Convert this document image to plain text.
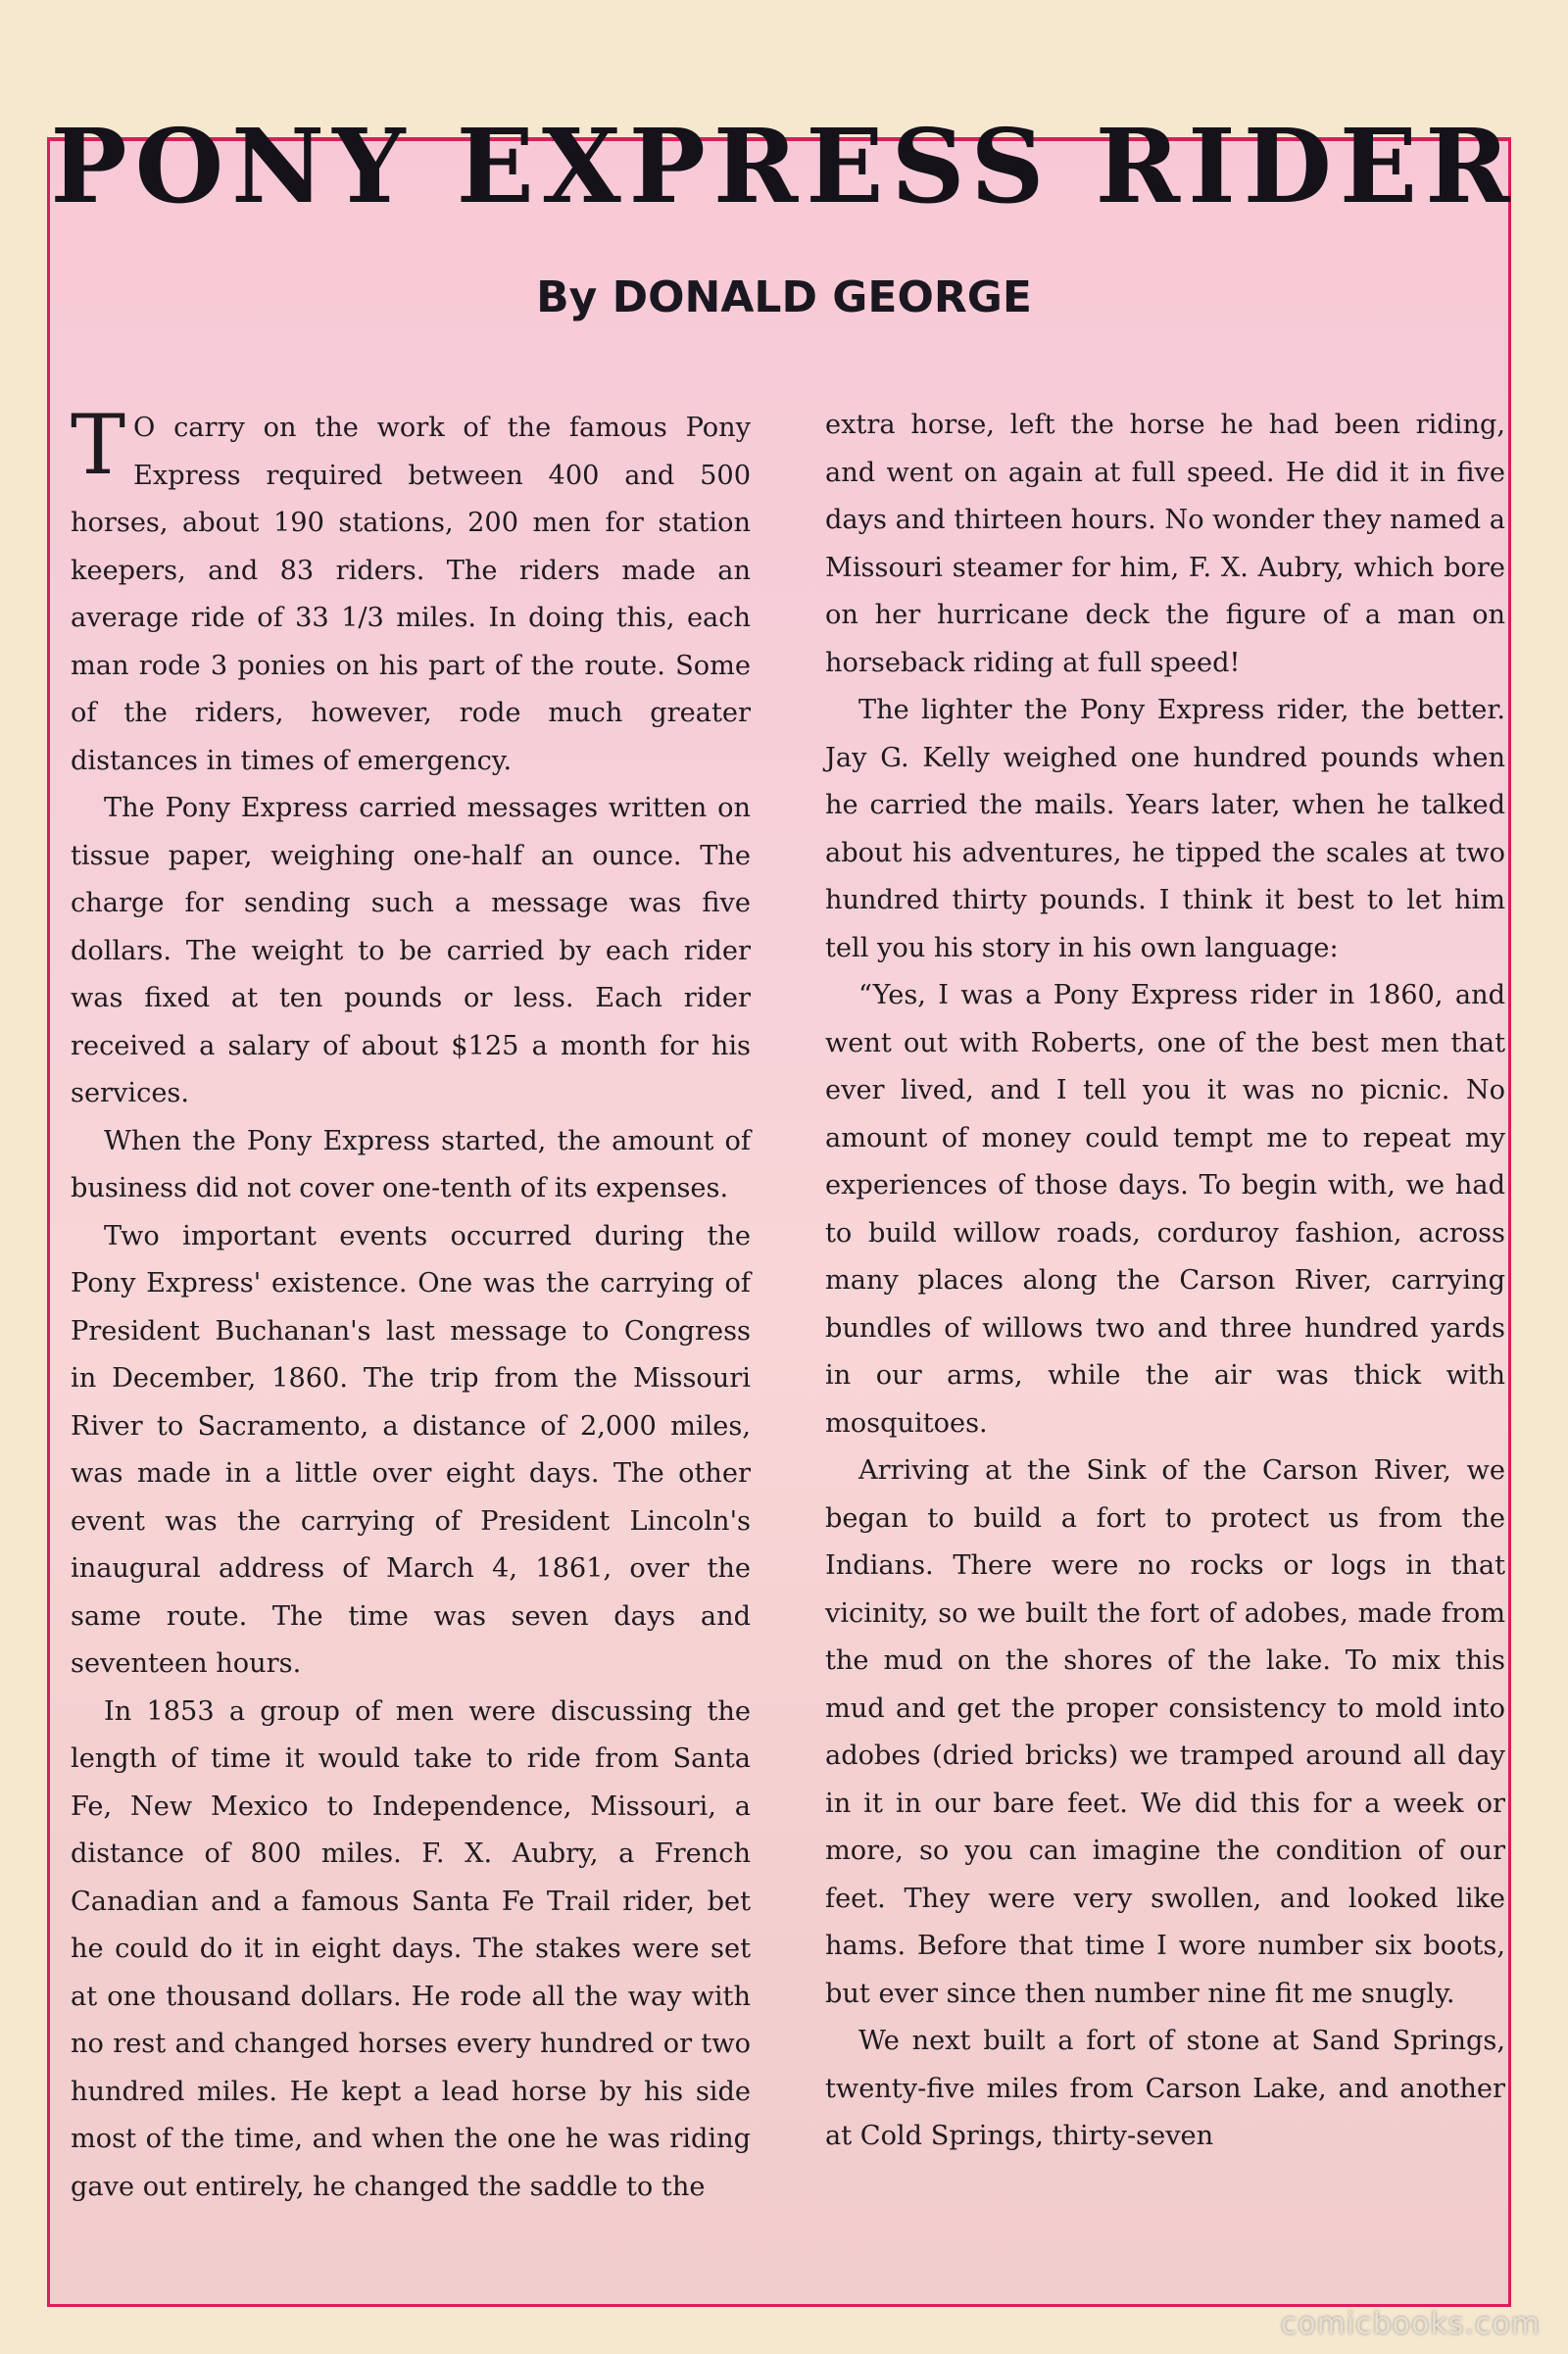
PONY EXPRESS RIDER
By DONALD GEORGE

T O carry on the work of the famous Pony Express required between 400 and 500 horses, about 190 stations, 200 men for station keepers, and 83 riders. The riders made an average ride of 33 1/3 miles. In doing this, each man rode 3 ponies on his part of the route. Some of the riders, however, rode much greater distances in times of emergency.

The Pony Express carried messages written on tissue paper, weighing one-half an ounce. The charge for sending such a message was five dollars. The weight to be carried by each rider was fixed at ten pounds or less. Each rider received a salary of about $125 a month for his services.

When the Pony Express started, the amount of business did not cover one-tenth of its expenses.

Two important events occurred during the Pony Express' existence. One was the carrying of President Buchanan's last message to Congress in December, 1860. The trip from the Missouri River to Sacramento, a distance of 2,000 miles, was made in a little over eight days. The other event was the carrying of President Lincoln's inaugural address of March 4, 1861, over the same route. The time was seven days and seventeen hours.

In 1853 a group of men were discussing the length of time it would take to ride from Santa Fe, New Mexico to Independence, Missouri, a distance of 800 miles. F. X. Aubry, a French Canadian and a famous Santa Fe Trail rider, bet he could do it in eight days. The stakes were set at one thousand dollars. He rode all the way with no rest and changed horses every hundred or two hundred miles. He kept a lead horse by his side most of the time, and when the one he was riding gave out entirely, he changed the saddle to the

extra horse, left the horse he had been riding, and went on again at full speed. He did it in five days and thirteen hours. No wonder they named a Missouri steamer for him, F. X. Aubry, which bore on her hurricane deck the figure of a man on horseback riding at full speed!

The lighter the Pony Express rider, the better. Jay G. Kelly weighed one hundred pounds when he carried the mails. Years later, when he talked about his adventures, he tipped the scales at two hundred thirty pounds. I think it best to let him tell you his story in his own language:

“Yes, I was a Pony Express rider in 1860, and went out with Roberts, one of the best men that ever lived, and I tell you it was no picnic. No amount of money could tempt me to repeat my experiences of those days. To begin with, we had to build willow roads, corduroy fashion, across many places along the Carson River, carrying bundles of willows two and three hundred yards in our arms, while the air was thick with mosquitoes.

Arriving at the Sink of the Carson River, we began to build a fort to protect us from the Indians. There were no rocks or logs in that vicinity, so we built the fort of adobes, made from the mud on the shores of the lake. To mix this mud and get the proper consistency to mold into adobes (dried bricks) we tramped around all day in it in our bare feet. We did this for a week or more, so you can imagine the condition of our feet. They were very swollen, and looked like hams. Before that time I wore number six boots, but ever since then number nine fit me snugly.

We next built a fort of stone at Sand Springs, twenty-five miles from Carson Lake, and another at Cold Springs, thirty-seven

comicbooks.com
